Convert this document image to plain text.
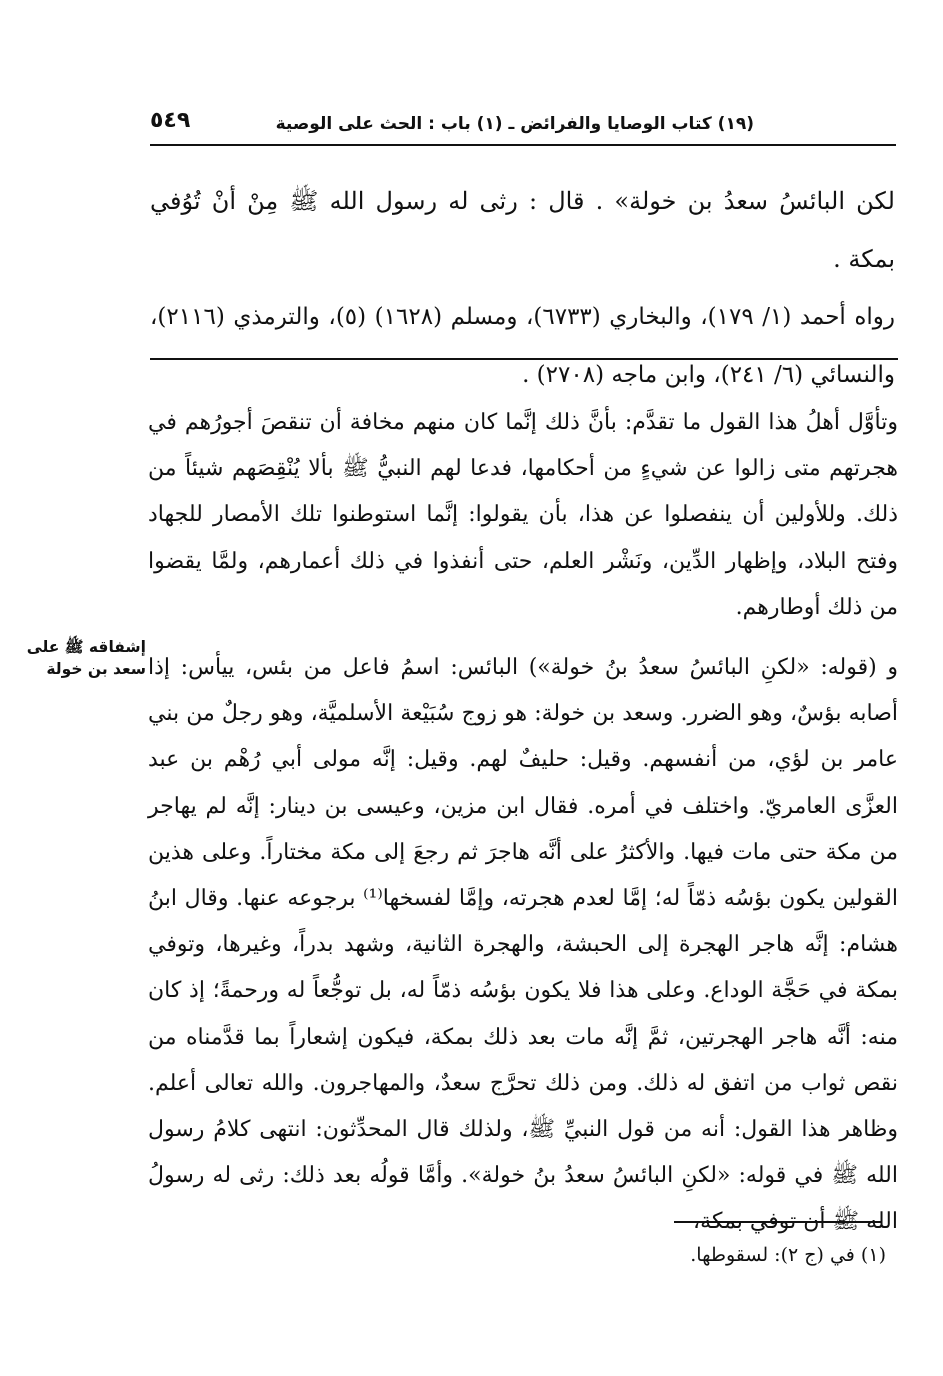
(١٩) كتاب الوصايا والفرائض ـ (١) باب : الحث على الوصية
٥٤٩

لكن البائسُ سعدُ بن خولة» . قال : رثى له رسول الله ﷺ مِنْ أنْ تُوُفي بمكة .

رواه أحمد (١/ ١٧٩)، والبخاري (٦٧٣٣)، ومسلم (١٦٢٨) (٥)، والترمذي (٢١١٦)، والنسائي (٦/ ٢٤١)، وابن ماجه (٢٧٠٨) .

وتأوَّل أهلُ هذا القول ما تقدَّم: بأنَّ ذلك إنَّما كان منهم مخافة أن تنقصَ أجورُهم في هجرتهم متى زالوا عن شيءٍ من أحكامها، فدعا لهم النبيُّ ﷺ بألا يُنْقِصَهم شيئاً من ذلك. وللأولين أن ينفصلوا عن هذا، بأن يقولوا: إنَّما استوطنوا تلك الأمصار للجهاد وفتح البلاد، وإظهار الدِّين، ونَشْر العلم، حتى أنفذوا في ذلك أعمارهم، ولمَّا يقضوا من ذلك أوطارهم.

و (قوله: «لكنِ البائسُ سعدُ بنُ خولة») البائس: اسمُ فاعل من بئس، ييأس: إذا أصابه بؤسٌ، وهو الضرر. وسعد بن خولة: هو زوج سُبَيْعة الأسلميَّة، وهو رجلٌ من بني عامر بن لؤي، من أنفسهم. وقيل: حليفٌ لهم. وقيل: إنَّه مولى أبي رُهْم بن عبد العزَّى العامريّ. واختلف في أمره. فقال ابن مزين، وعيسى بن دينار: إنَّه لم يهاجر من مكة حتى مات فيها. والأكثرُ على أنَّه هاجرَ ثم رجعَ إلى مكة مختاراً. وعلى هذين القولين يكون بؤسُه ذمّاً له؛ إمَّا لعدم هجرته، وإمَّا لفسخها⁽¹⁾ برجوعه عنها. وقال ابنُ هشام: إنَّه هاجر الهجرة إلى الحبشة، والهجرة الثانية، وشهد بدراً، وغيرها، وتوفي بمكة في حَجَّة الوداع. وعلى هذا فلا يكون بؤسُه ذمّاً له، بل توجُّعاً له ورحمةً؛ إذ كان منه: أنَّه هاجر الهجرتين، ثمَّ إنَّه مات بعد ذلك بمكة، فيكون إشعاراً بما قدَّمناه من نقص ثواب من اتفق له ذلك. ومن ذلك تحرَّج سعدٌ، والمهاجرون. والله تعالى أعلم. وظاهر هذا القول: أنه من قول النبيِّ ﷺ، ولذلك قال المحدِّثون: انتهى كلامُ رسول الله ﷺ في قوله: «لكنِ البائسُ سعدُ بنُ خولة». وأمَّا قولُه بعد ذلك: رثى له رسولُ الله ﷺ أن توفي بمكة،

إشفاقه ﷺ على
سعد بن خولة
(١) في (ج ٢): لسقوطها.
